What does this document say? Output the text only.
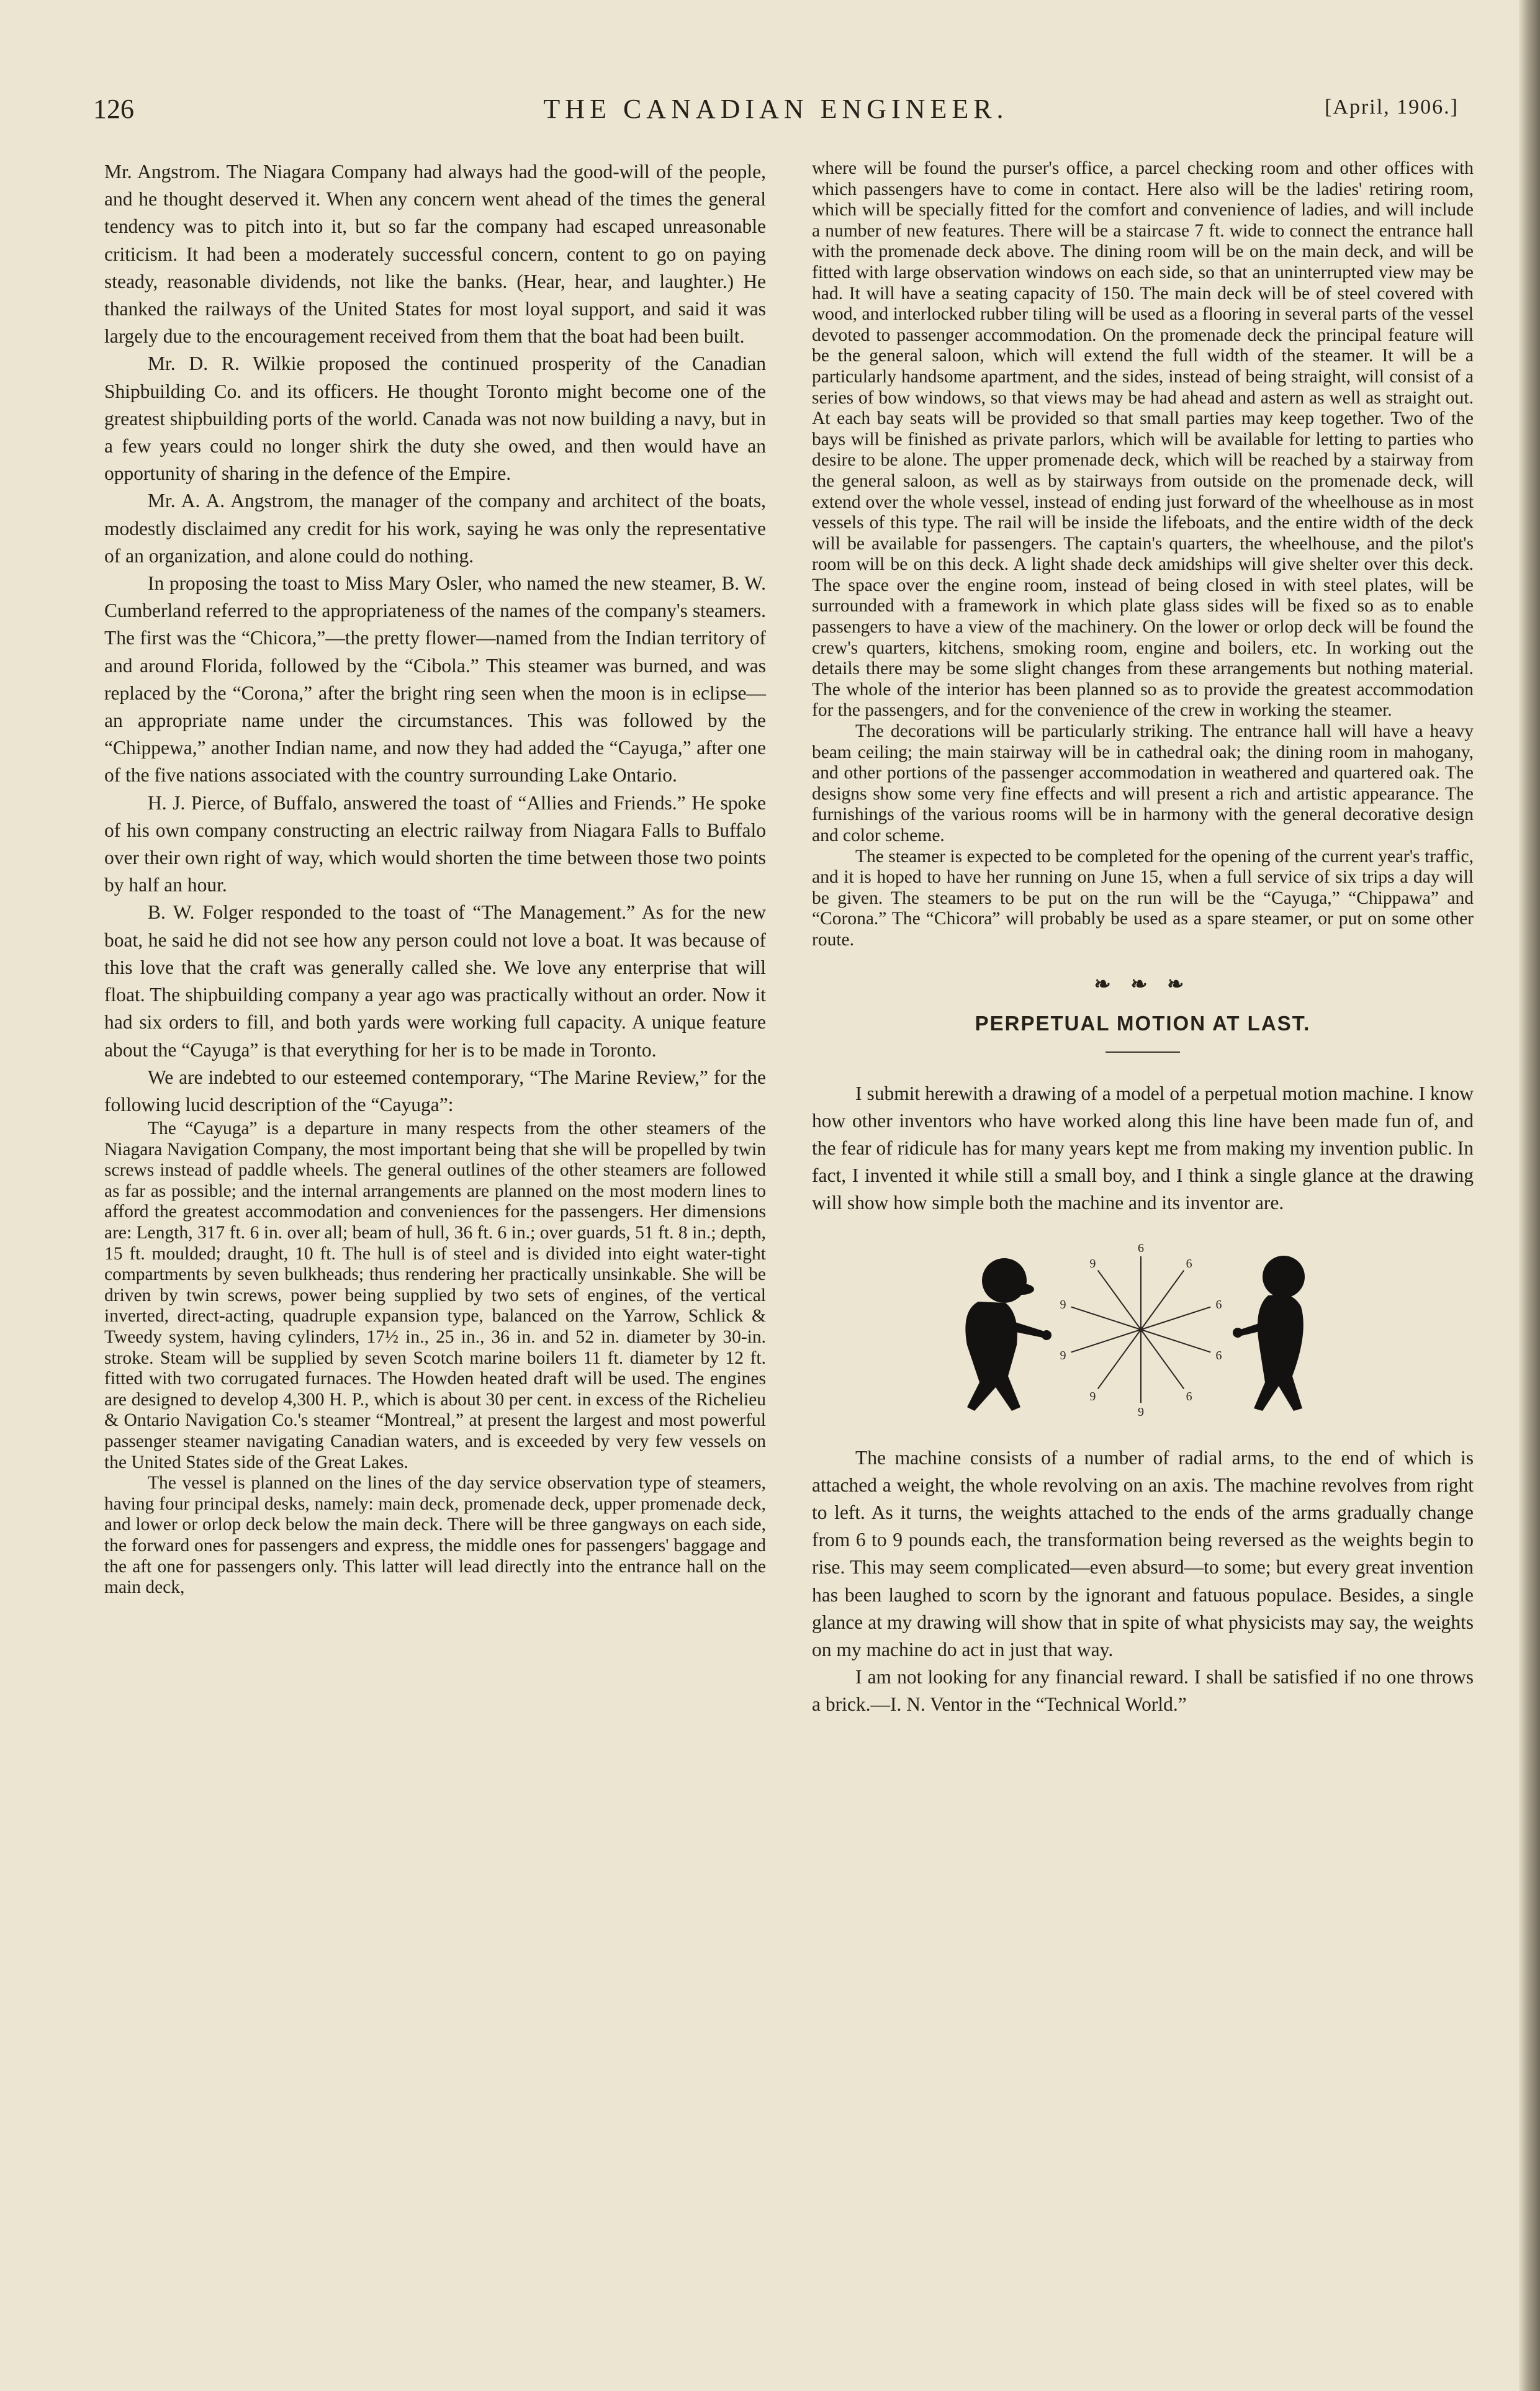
126	THE CANADIAN ENGINEER.	[April, 1906.]

Mr. Angstrom. The Niagara Company had always had the good-will of the people, and he thought deserved it. When any concern went ahead of the times the general tendency was to pitch into it, but so far the company had escaped unreasonable criticism. It had been a moderately successful concern, content to go on paying steady, reasonable dividends, not like the banks. (Hear, hear, and laughter.) He thanked the railways of the United States for most loyal support, and said it was largely due to the encouragement received from them that the boat had been built.

Mr. D. R. Wilkie proposed the continued prosperity of the Canadian Shipbuilding Co. and its officers. He thought Toronto might become one of the greatest shipbuilding ports of the world. Canada was not now building a navy, but in a few years could no longer shirk the duty she owed, and then would have an opportunity of sharing in the defence of the Empire.

Mr. A. A. Angstrom, the manager of the company and architect of the boats, modestly disclaimed any credit for his work, saying he was only the representative of an organization, and alone could do nothing.

In proposing the toast to Miss Mary Osler, who named the new steamer, B. W. Cumberland referred to the appropriateness of the names of the company's steamers. The first was the “Chicora,”—the pretty flower—named from the Indian territory of and around Florida, followed by the “Cibola.” This steamer was burned, and was replaced by the “Corona,” after the bright ring seen when the moon is in eclipse—an appropriate name under the circumstances. This was followed by the “Chippewa,” another Indian name, and now they had added the “Cayuga,” after one of the five nations associated with the country surrounding Lake Ontario.

H. J. Pierce, of Buffalo, answered the toast of “Allies and Friends.” He spoke of his own company constructing an electric railway from Niagara Falls to Buffalo over their own right of way, which would shorten the time between those two points by half an hour.

B. W. Folger responded to the toast of “The Management.” As for the new boat, he said he did not see how any person could not love a boat. It was because of this love that the craft was generally called she. We love any enterprise that will float. The shipbuilding company a year ago was practically without an order. Now it had six orders to fill, and both yards were working full capacity. A unique feature about the “Cayuga” is that everything for her is to be made in Toronto.

We are indebted to our esteemed contemporary, “The Marine Review,” for the following lucid description of the “Cayuga”:

The “Cayuga” is a departure in many respects from the other steamers of the Niagara Navigation Company, the most important being that she will be propelled by twin screws instead of paddle wheels. The general outlines of the other steamers are followed as far as possible; and the internal arrangements are planned on the most modern lines to afford the greatest accommodation and conveniences for the passengers. Her dimensions are: Length, 317 ft. 6 in. over all; beam of hull, 36 ft. 6 in.; over guards, 51 ft. 8 in.; depth, 15 ft. moulded; draught, 10 ft. The hull is of steel and is divided into eight water-tight compartments by seven bulkheads; thus rendering her practically unsinkable. She will be driven by twin screws, power being supplied by two sets of engines, of the vertical inverted, direct-acting, quadruple expansion type, balanced on the Yarrow, Schlick & Tweedy system, having cylinders, 17½ in., 25 in., 36 in. and 52 in. diameter by 30-in. stroke. Steam will be supplied by seven Scotch marine boilers 11 ft. diameter by 12 ft. fitted with two corrugated furnaces. The Howden heated draft will be used. The engines are designed to develop 4,300 H. P., which is about 30 per cent. in excess of the Richelieu & Ontario Navigation Co.'s steamer “Montreal,” at present the largest and most powerful passenger steamer navigating Canadian waters, and is exceeded by very few vessels on the United States side of the Great Lakes.

The vessel is planned on the lines of the day service observation type of steamers, having four principal desks, namely: main deck, promenade deck, upper promenade deck, and lower or orlop deck below the main deck. There will be three gangways on each side, the forward ones for passengers and express, the middle ones for passengers' baggage and the aft one for passengers only. This latter will lead directly into the entrance hall on the main deck,

where will be found the purser's office, a parcel checking room and other offices with which passengers have to come in contact. Here also will be the ladies' retiring room, which will be specially fitted for the comfort and convenience of ladies, and will include a number of new features. There will be a staircase 7 ft. wide to connect the entrance hall with the promenade deck above. The dining room will be on the main deck, and will be fitted with large observation windows on each side, so that an uninterrupted view may be had. It will have a seating capacity of 150. The main deck will be of steel covered with wood, and interlocked rubber tiling will be used as a flooring in several parts of the vessel devoted to passenger accommodation. On the promenade deck the principal feature will be the general saloon, which will extend the full width of the steamer. It will be a particularly handsome apartment, and the sides, instead of being straight, will consist of a series of bow windows, so that views may be had ahead and astern as well as straight out. At each bay seats will be provided so that small parties may keep together. Two of the bays will be finished as private parlors, which will be available for letting to parties who desire to be alone. The upper promenade deck, which will be reached by a stairway from the general saloon, as well as by stairways from outside on the promenade deck, will extend over the whole vessel, instead of ending just forward of the wheelhouse as in most vessels of this type. The rail will be inside the lifeboats, and the entire width of the deck will be available for passengers. The captain's quarters, the wheelhouse, and the pilot's room will be on this deck. A light shade deck amidships will give shelter over this deck. The space over the engine room, instead of being closed in with steel plates, will be surrounded with a framework in which plate glass sides will be fixed so as to enable passengers to have a view of the machinery. On the lower or orlop deck will be found the crew's quarters, kitchens, smoking room, engine and boilers, etc. In working out the details there may be some slight changes from these arrangements but nothing material. The whole of the interior has been planned so as to provide the greatest accommodation for the passengers, and for the convenience of the crew in working the steamer.

The decorations will be particularly striking. The entrance hall will have a heavy beam ceiling; the main stairway will be in cathedral oak; the dining room in mahogany, and other portions of the passenger accommodation in weathered and quartered oak. The designs show some very fine effects and will present a rich and artistic appearance. The furnishings of the various rooms will be in harmony with the general decorative design and color scheme.

The steamer is expected to be completed for the opening of the current year's traffic, and it is hoped to have her running on June 15, when a full service of six trips a day will be given. The steamers to be put on the run will be the “Cayuga,” “Chippawa” and “Corona.” The “Chicora” will probably be used as a spare steamer, or put on some other route.

❧ ❧ ❧
PERPETUAL MOTION AT LAST.

I submit herewith a drawing of a model of a perpetual motion machine. I know how other inventors who have worked along this line have been made fun of, and the fear of ridicule has for many years kept me from making my invention public. In fact, I invented it while still a small boy, and I think a single glance at the drawing will show how simple both the machine and its inventor are.

6
6
6
6
6
9
9
9
9
9

The machine consists of a number of radial arms, to the end of which is attached a weight, the whole revolving on an axis. The machine revolves from right to left. As it turns, the weights attached to the ends of the arms gradually change from 6 to 9 pounds each, the transformation being reversed as the weights begin to rise. This may seem complicated—even absurd—to some; but every great invention has been laughed to scorn by the ignorant and fatuous populace. Besides, a single glance at my drawing will show that in spite of what physicists may say, the weights on my machine do act in just that way.

I am not looking for any financial reward. I shall be satisfied if no one throws a brick.—I. N. Ventor in the “Technical World.”
